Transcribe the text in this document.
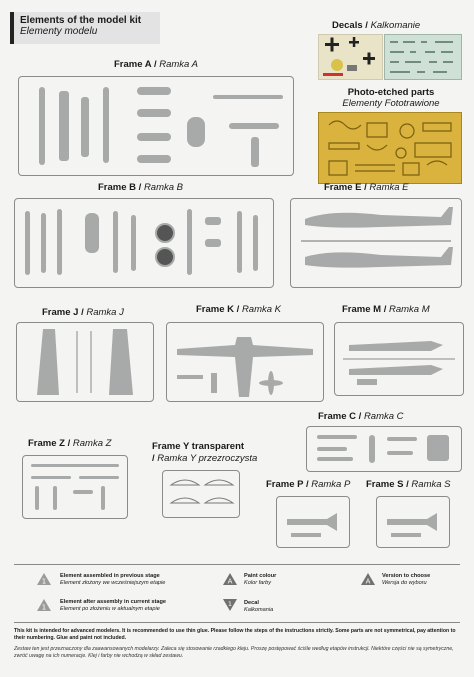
Elements of the model kit
Elementy modelu
Decals / Kalkomanie
Photo-etched parts
Elementy Fototrawione
Frame A / Ramka A
Frame B / Ramka B	Frame E / Ramka E
Frame J / Ramka J	Frame K / Ramka K	Frame M / Ramka M
Frame C / Ramka C
Frame Z / Ramka Z	Frame Y transparent
/ Ramka Y przezroczysta
Frame P / Ramka P Frame S / Ramka S
1
Element assembled in previous stage
Element złożony we wcześniejszym etapie
1
Element after assembly in current stage
Element po złożeniu w aktualnym etapie
A
Paint colour
Kolor farby
1 Decal
Kalkomania
A
Version to choose
Wersja do wyboru
This kit is intended for advanced modelers. It is recommended to use thin glue. Please follow the steps of the instructions strictly. Some parts are not symmetrical, pay attention to their numbering. Glue and paint not included.
Zestaw ten jest przeznaczony dla zaawansowanych modelarzy. Zaleca się stosowanie rzadkiego kleju. Proszę postępować ściśle według etapów instrukcji. Niektóre części nie są symetryczne, zwróć uwagę na ich numeracje. Klej i farby nie wchodzą w skład zestawu.
